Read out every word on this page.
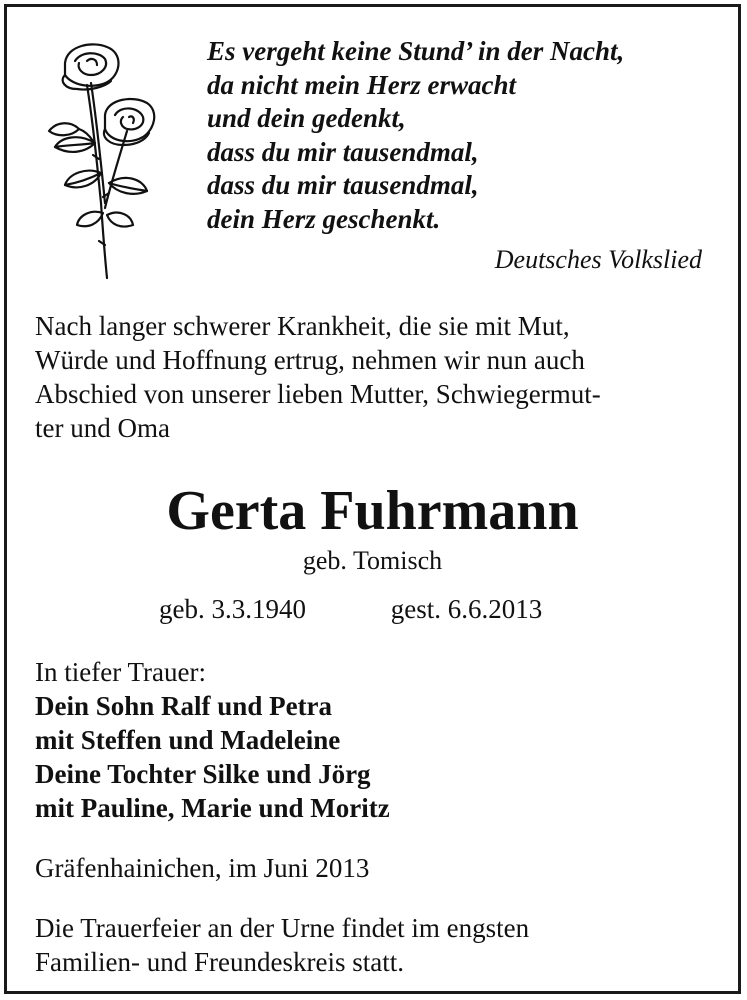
Es vergeht keine Stund’ in der Nacht,
da nicht mein Herz erwacht
und dein gedenkt,
dass du mir tausendmal,
dass du mir tausendmal,
dein Herz geschenkt.
Deutsches Volkslied
Nach langer schwerer Krankheit, die sie mit Mut,
Würde und Hoffnung ertrug, nehmen wir nun auch
Abschied von unserer lieben Mutter, Schwiegermut-
ter und Oma
Gerta Fuhrmann
geb. Tomisch
geb. 3.3.1940	gest. 6.6.2013
In tiefer Trauer:
Dein Sohn Ralf und Petra
mit Steffen und Madeleine
Deine Tochter Silke und Jörg
mit Pauline, Marie und Moritz
Gräfenhainichen, im Juni 2013
Die Trauerfeier an der Urne findet im engsten
Familien- und Freundeskreis statt.
